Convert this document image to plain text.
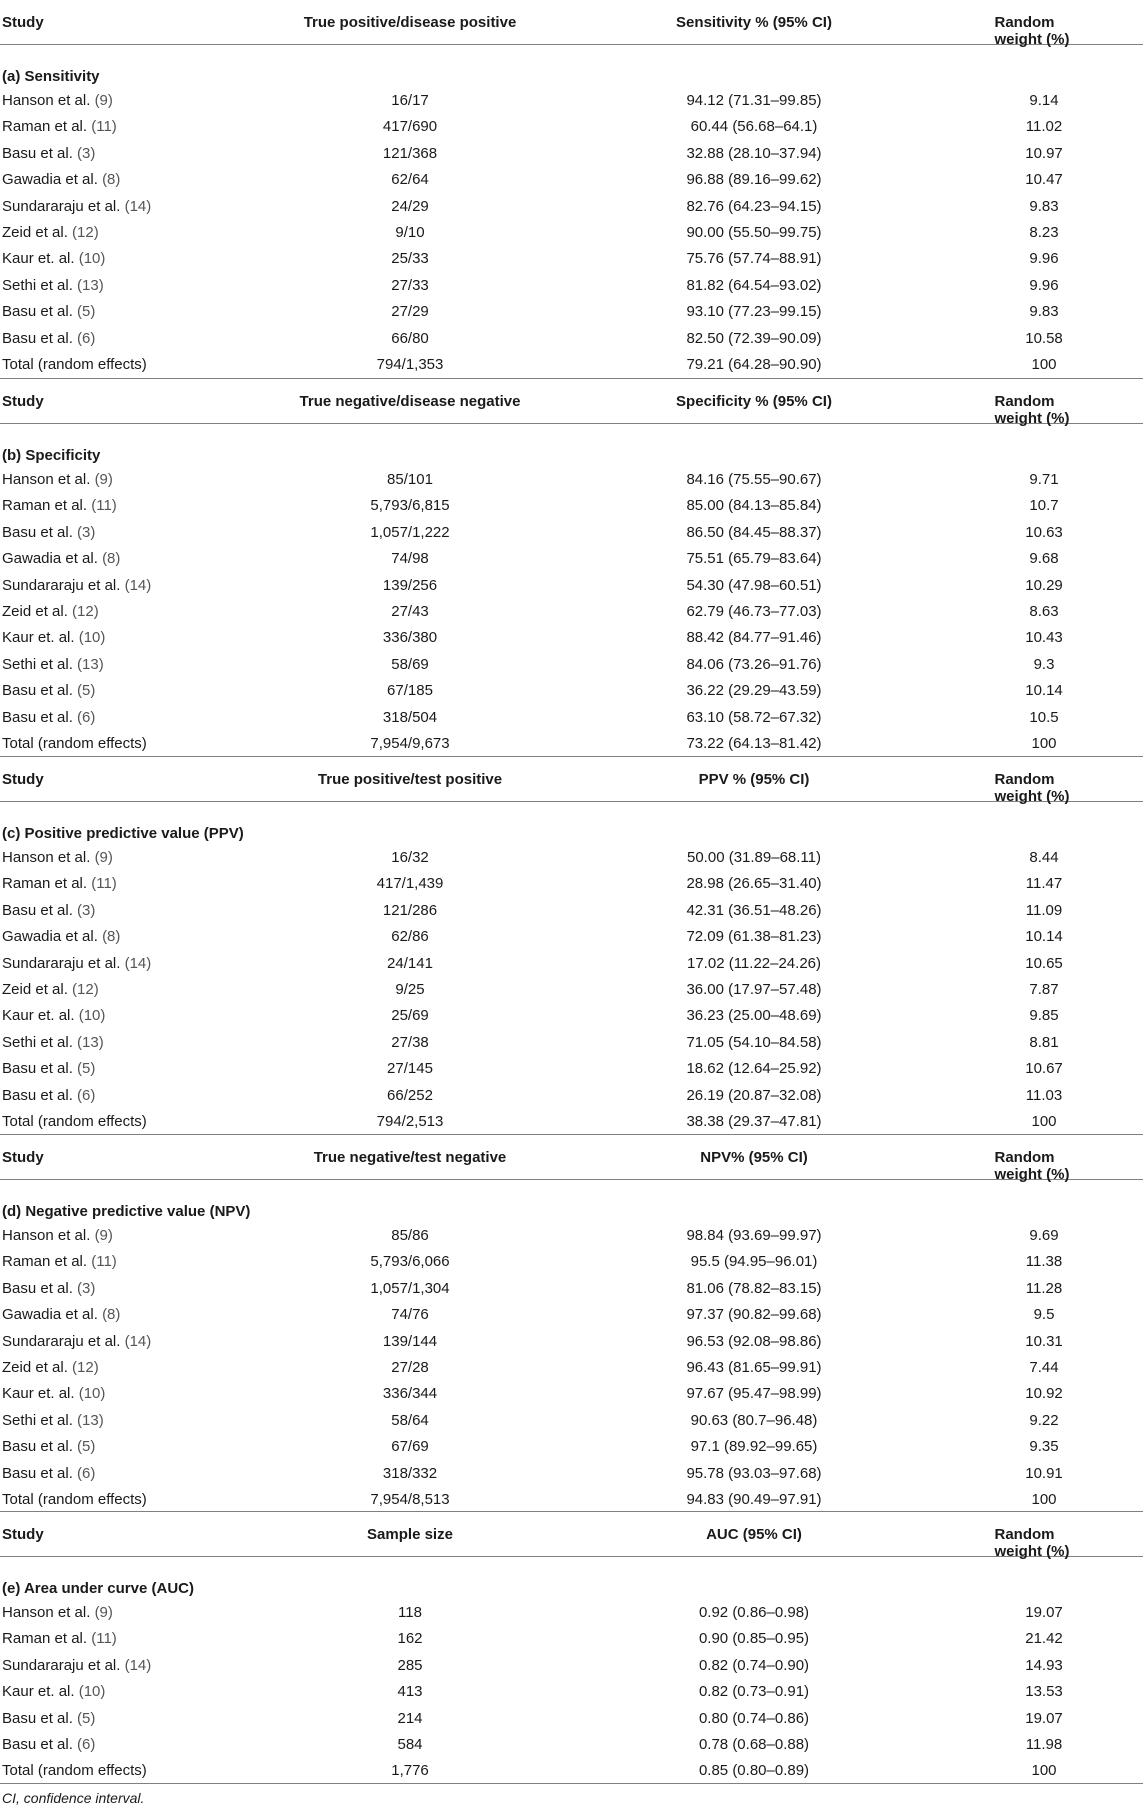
Study	True positive/disease positive	Sensitivity % (95% CI)	Random weight (%)
(a) Sensitivity
Hanson et al. (9)	16/17	94.12 (71.31–99.85)	9.14
Raman et al. (11)	417/690	60.44 (56.68–64.1)	11.02
Basu et al. (3)	121/368	32.88 (28.10–37.94)	10.97
Gawadia et al. (8)	62/64	96.88 (89.16–99.62)	10.47
Sundararaju et al. (14)	24/29	82.76 (64.23–94.15)	9.83
Zeid et al. (12)	9/10	90.00 (55.50–99.75)	8.23
Kaur et. al. (10)	25/33	75.76 (57.74–88.91)	9.96
Sethi et al. (13)	27/33	81.82 (64.54–93.02)	9.96
Basu et al. (5)	27/29	93.10 (77.23–99.15)	9.83
Basu et al. (6)	66/80	82.50 (72.39–90.09)	10.58
Total (random effects)	794/1,353	79.21 (64.28–90.90)	100
Study	True negative/disease negative	Specificity % (95% CI)	Random weight (%)
(b) Specificity
Hanson et al. (9)	85/101	84.16 (75.55–90.67)	9.71
Raman et al. (11)	5,793/6,815	85.00 (84.13–85.84)	10.7
Basu et al. (3)	1,057/1,222	86.50 (84.45–88.37)	10.63
Gawadia et al. (8)	74/98	75.51 (65.79–83.64)	9.68
Sundararaju et al. (14)	139/256	54.30 (47.98–60.51)	10.29
Zeid et al. (12)	27/43	62.79 (46.73–77.03)	8.63
Kaur et. al. (10)	336/380	88.42 (84.77–91.46)	10.43
Sethi et al. (13)	58/69	84.06 (73.26–91.76)	9.3
Basu et al. (5)	67/185	36.22 (29.29–43.59)	10.14
Basu et al. (6)	318/504	63.10 (58.72–67.32)	10.5
Total (random effects)	7,954/9,673	73.22 (64.13–81.42)	100
Study	True positive/test positive	PPV % (95% CI)	Random weight (%)
(c) Positive predictive value (PPV)
Hanson et al. (9)	16/32	50.00 (31.89–68.11)	8.44
Raman et al. (11)	417/1,439	28.98 (26.65–31.40)	11.47
Basu et al. (3)	121/286	42.31 (36.51–48.26)	11.09
Gawadia et al. (8)	62/86	72.09 (61.38–81.23)	10.14
Sundararaju et al. (14)	24/141	17.02 (11.22–24.26)	10.65
Zeid et al. (12)	9/25	36.00 (17.97–57.48)	7.87
Kaur et. al. (10)	25/69	36.23 (25.00–48.69)	9.85
Sethi et al. (13)	27/38	71.05 (54.10–84.58)	8.81
Basu et al. (5)	27/145	18.62 (12.64–25.92)	10.67
Basu et al. (6)	66/252	26.19 (20.87–32.08)	11.03
Total (random effects)	794/2,513	38.38 (29.37–47.81)	100
Study	True negative/test negative	NPV% (95% CI)	Random weight (%)
(d) Negative predictive value (NPV)
Hanson et al. (9)	85/86	98.84 (93.69–99.97)	9.69
Raman et al. (11)	5,793/6,066	95.5 (94.95–96.01)	11.38
Basu et al. (3)	1,057/1,304	81.06 (78.82–83.15)	11.28
Gawadia et al. (8)	74/76	97.37 (90.82–99.68)	9.5
Sundararaju et al. (14)	139/144	96.53 (92.08–98.86)	10.31
Zeid et al. (12)	27/28	96.43 (81.65–99.91)	7.44
Kaur et. al. (10)	336/344	97.67 (95.47–98.99)	10.92
Sethi et al. (13)	58/64	90.63 (80.7–96.48)	9.22
Basu et al. (5)	67/69	97.1 (89.92–99.65)	9.35
Basu et al. (6)	318/332	95.78 (93.03–97.68)	10.91
Total (random effects)	7,954/8,513	94.83 (90.49–97.91)	100
Study	Sample size	AUC (95% CI)	Random weight (%)
(e) Area under curve (AUC)
Hanson et al. (9)	118	0.92 (0.86–0.98)	19.07
Raman et al. (11)	162	0.90 (0.85–0.95)	21.42
Sundararaju et al. (14)	285	0.82 (0.74–0.90)	14.93
Kaur et. al. (10)	413	0.82 (0.73–0.91)	13.53
Basu et al. (5)	214	0.80 (0.74–0.86)	19.07
Basu et al. (6)	584	0.78 (0.68–0.88)	11.98
Total (random effects)	1,776	0.85 (0.80–0.89)	100
CI, confidence interval.
